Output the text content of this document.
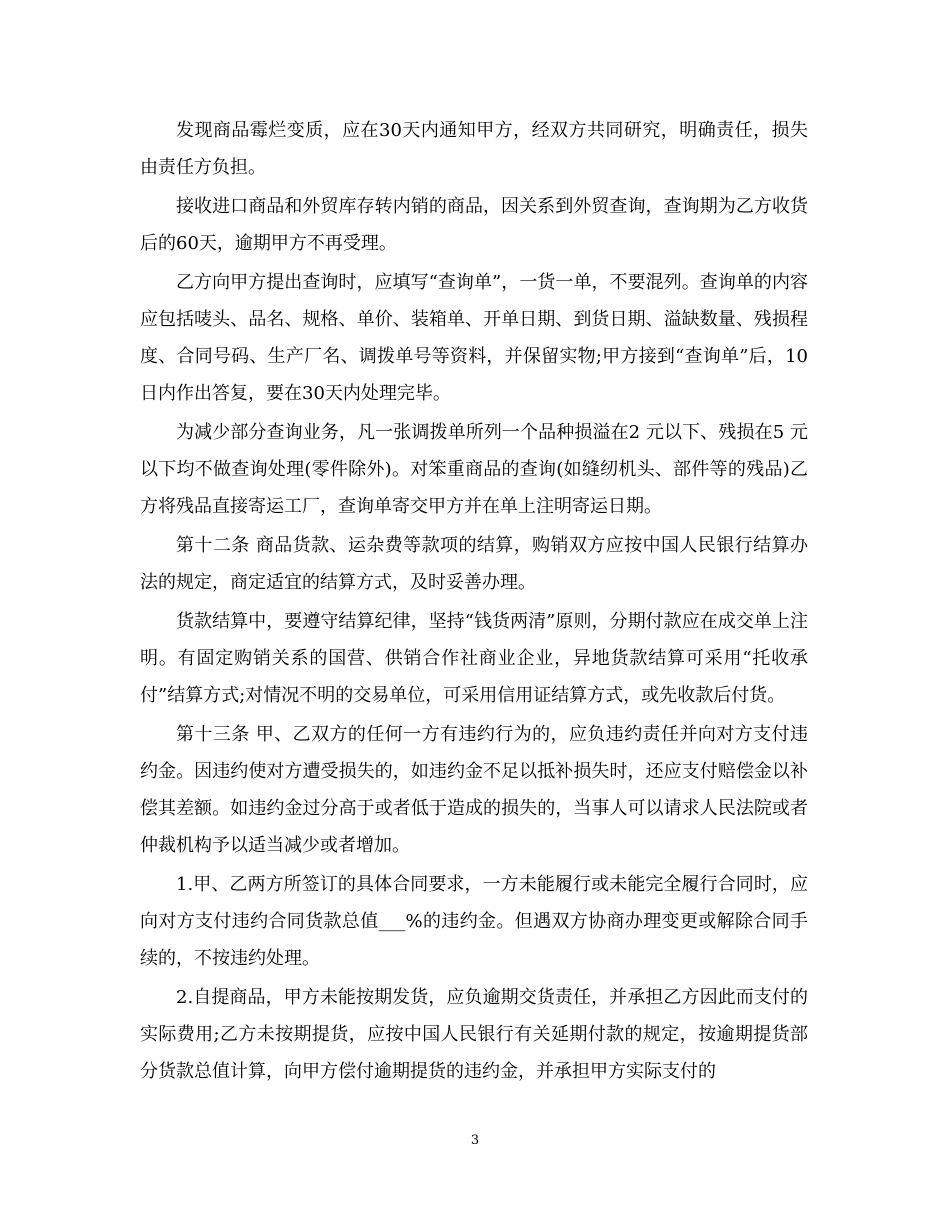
发现商品霉烂变质，应在30天内通知甲方，经双方共同研究，明确责任，损失由责任方负担。

接收进口商品和外贸库存转内销的商品，因关系到外贸查询，查询期为乙方收货后的60天，逾期甲方不再受理。

乙方向甲方提出查询时，应填写“查询单”，一货一单，不要混列。查询单的内容应包括唛头、品名、规格、单价、装箱单、开单日期、到货日期、溢缺数量、残损程度、合同号码、生产厂名、调拨单号等资料，并保留实物;甲方接到“查询单”后，10日内作出答复，要在30天内处理完毕。

为减少部分查询业务，凡一张调拨单所列一个品种损溢在2 元以下、残损在5 元以下均不做查询处理(零件除外)。对笨重商品的查询(如缝纫机头、部件等的残品)乙方将残品直接寄运工厂，查询单寄交甲方并在单上注明寄运日期。

第十二条 商品货款、运杂费等款项的结算，购销双方应按中国人民银行结算办法的规定，商定适宜的结算方式，及时妥善办理。

货款结算中，要遵守结算纪律，坚持“钱货两清”原则，分期付款应在成交单上注明。有固定购销关系的国营、供销合作社商业企业，异地货款结算可采用“托收承付”结算方式;对情况不明的交易单位，可采用信用证结算方式，或先收款后付货。

第十三条 甲、乙双方的任何一方有违约行为的，应负违约责任并向对方支付违约金。因违约使对方遭受损失的，如违约金不足以抵补损失时，还应支付赔偿金以补偿其差额。如违约金过分高于或者低于造成的损失的，当事人可以请求人民法院或者仲裁机构予以适当减少或者增加。

1.甲、乙两方所签订的具体合同要求，一方未能履行或未能完全履行合同时，应向对方支付违约合同货款总值___%的违约金。但遇双方协商办理变更或解除合同手续的，不按违约处理。

2.自提商品，甲方未能按期发货，应负逾期交货责任，并承担乙方因此而支付的实际费用;乙方未按期提货，应按中国人民银行有关延期付款的规定，按逾期提货部分货款总值计算，向甲方偿付逾期提货的违约金，并承担甲方实际支付的

3
